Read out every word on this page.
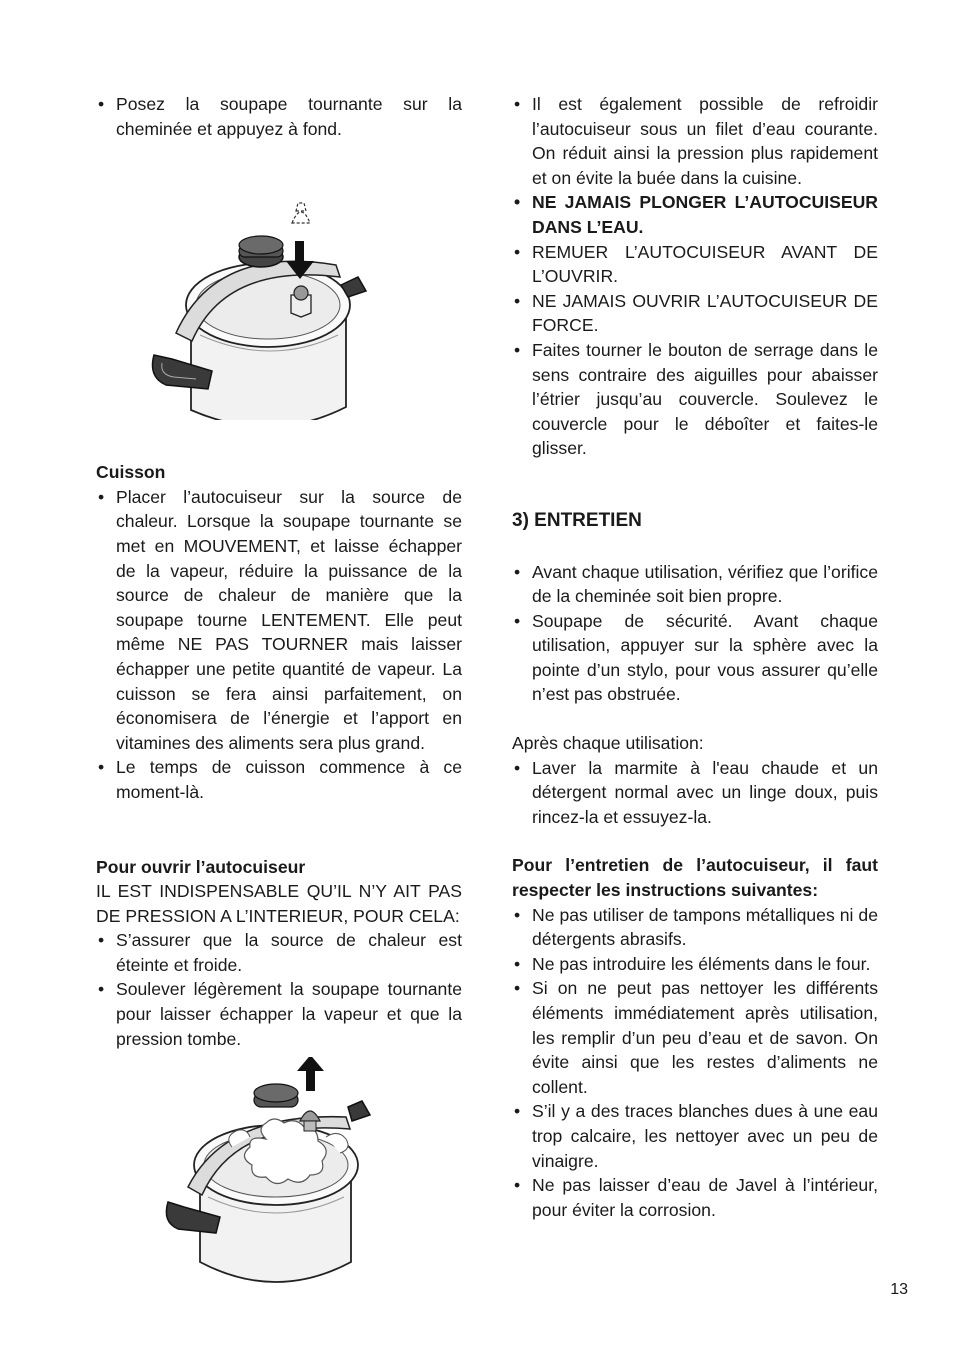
• Posez la soupape tournante sur la cheminée et appuyez à fond.

Cuisson

• Placer l’autocuiseur sur la source de chaleur. Lorsque la soupape tournante se met en MOUVEMENT, et laisse échapper de la vapeur, réduire la puissance de la source de chaleur de manière que la soupape tourne LENTEMENT. Elle peut même NE PAS TOURNER mais laisser échapper une petite quantité de vapeur. La cuisson se fera ainsi parfaitement, on économisera de l’énergie et l’apport en vitamines des aliments sera plus grand.
• Le temps de cuisson commence à ce moment-là.

Pour ouvrir l’autocuiseur

IL EST INDISPENSABLE QU’IL N’Y AIT PAS DE PRESSION A L’INTERIEUR, POUR CELA:

• S’assurer que la source de chaleur est éteinte et froide.
• Soulever légèrement la soupape tournante pour laisser échapper la vapeur et que la pression tombe.
• Il est également possible de refroidir l’autocuiseur sous un filet d’eau courante. On réduit ainsi la pression plus rapidement et on évite la buée dans la cuisine.
• NE JAMAIS PLONGER L’AUTOCUISEUR DANS L’EAU.
• REMUER L’AUTOCUISEUR AVANT DE L’OUVRIR.
• NE JAMAIS OUVRIR L’AUTOCUISEUR DE FORCE.
• Faites tourner le bouton de serrage dans le sens contraire des aiguilles pour abaisser l’étrier jusqu’au couvercle. Soulevez le couvercle pour le déboîter et faites-le glisser.

3) ENTRETIEN

• Avant chaque utilisation, vérifiez que l’orifice de la cheminée soit bien propre.
• Soupape de sécurité. Avant chaque utilisation, appuyer sur la sphère avec la pointe d’un stylo, pour vous assurer qu’elle n’est pas obstruée.

Après chaque utilisation:

• Laver la marmite à l'eau chaude et un détergent normal avec un linge doux, puis rincez-la et essuyez-la.

Pour l’entretien de l’autocuiseur, il faut respecter les instructions suivantes:

• Ne pas utiliser de tampons métalliques ni de détergents abrasifs.
• Ne pas introduire les éléments dans le four.
• Si on ne peut pas nettoyer les différents éléments immédiatement après utilisation, les remplir d’un peu d’eau et de savon. On évite ainsi que les restes d’aliments ne collent.
• S’il y a des traces blanches dues à une eau trop calcaire, les nettoyer avec un peu de vinaigre.
• Ne pas laisser d’eau de Javel à l’intérieur, pour éviter la corrosion.
13
